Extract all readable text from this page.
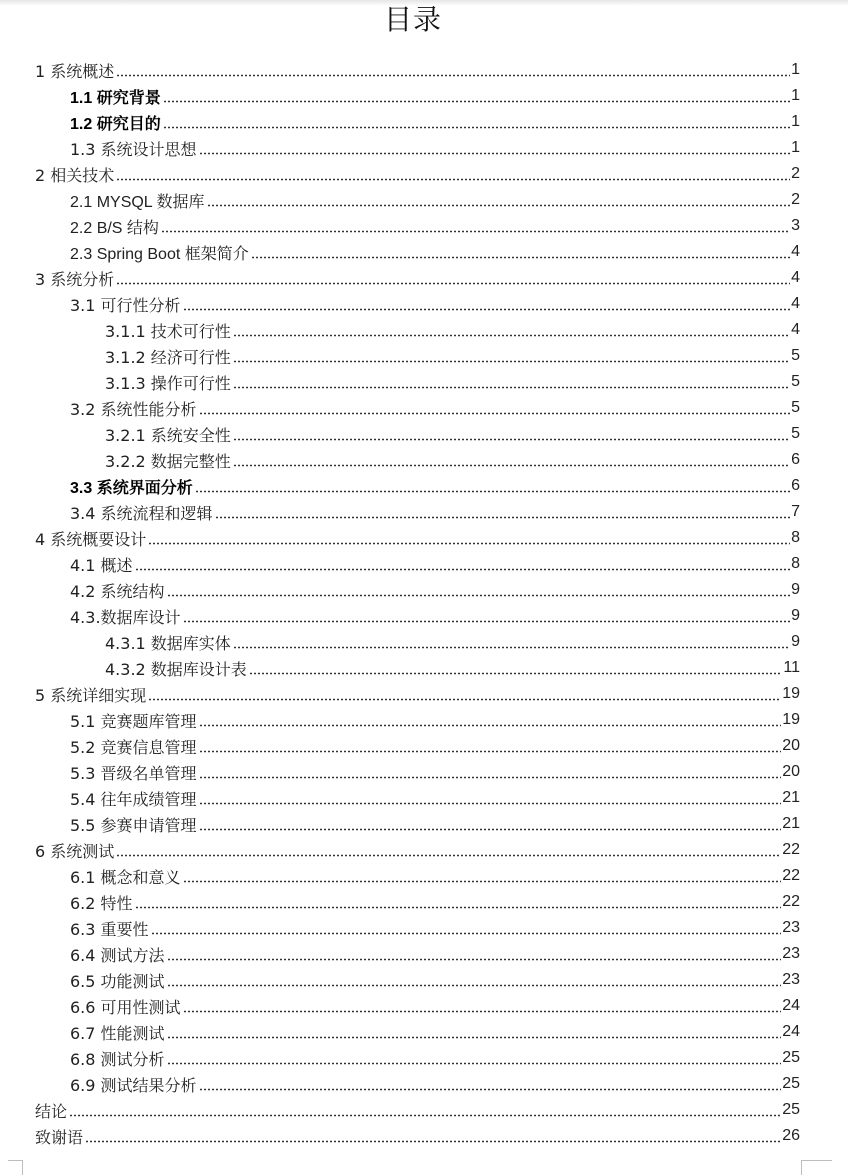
目录
1 系统概述	1
1.1 研究背景	1
1.2 研究目的	1
1.3 系统设计思想	1
2 相关技术	2
2.1 MYSQL 数据库	2
2.2 B/S 结构	3
2.3 Spring Boot 框架简介	4
3 系统分析	4
3.1 可行性分析	4
3.1.1 技术可行性	4
3.1.2 经济可行性	5
3.1.3 操作可行性	5
3.2 系统性能分析	5
3.2.1 系统安全性	5
3.2.2 数据完整性	6
3.3 系统界面分析	6
3.4 系统流程和逻辑	7
4 系统概要设计	8
4.1 概述	8
4.2 系统结构	9
4.3.数据库设计	9
4.3.1 数据库实体	9
4.3.2 数据库设计表	11
5 系统详细实现	19
5.1 竞赛题库管理	19
5.2 竞赛信息管理	20
5.3 晋级名单管理	20
5.4 往年成绩管理	21
5.5 参赛申请管理	21
6 系统测试	22
6.1 概念和意义	22
6.2 特性	22
6.3 重要性	23
6.4 测试方法	23
6.5 功能测试	23
6.6 可用性测试	24
6.7 性能测试	24
6.8 测试分析	25
6.9 测试结果分析	25
结论	25
致谢语	26
